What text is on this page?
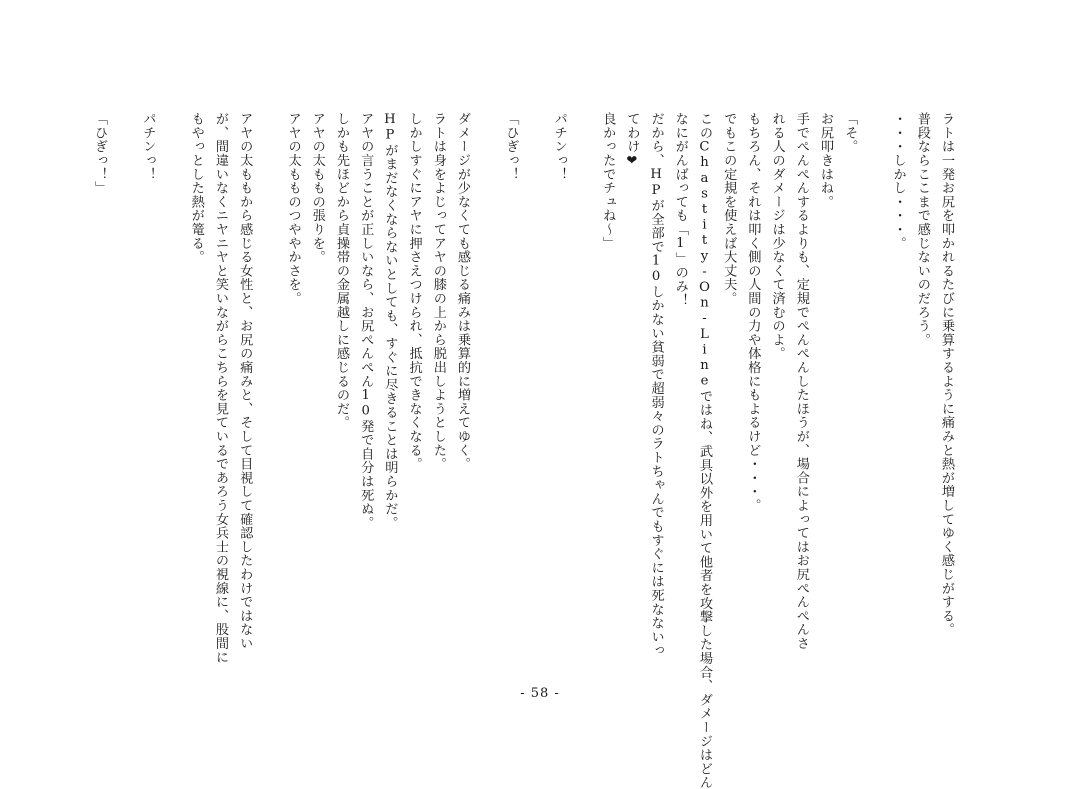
ラトは一発お尻を叩かれるたびに乗算するように痛みと熱が増してゆく感じがする。
普段ならここまで感じないのだろう。
・・・しかし・・・。
「そ。
お尻叩きはね。
手でぺんぺんするよりも、定規でぺんぺんしたほうが、場合によってはお尻ぺんぺんさ
れる人のダメージは少なくて済むのよ。
もちろん、それは叩く側の人間の力や体格にもよるけど・・・。
でもこの定規を使えば大丈夫。
このChastity-On-Lineではね、武具以外を用いて他者を攻撃した場合、ダメージはどん
なにがんばっても「1」のみ！
だから、HPが全部で10しかない貧弱で超弱々のラトちゃんでもすぐには死なないっ
てわけ❤
良かったでチュね～」
パチンっ！
「ひぎっ！
ダメージが少なくても感じる痛みは乗算的に増えてゆく。
ラトは身をよじってアヤの膝の上から脱出しようとした。
しかしすぐにアヤに押さえつけられ、抵抗できなくなる。
HPがまだなくならないとしても、すぐに尽きることは明らかだ。
アヤの言うことが正しいなら、お尻ぺんぺん10発で自分は死ぬ。
しかも先ほどから貞操帯の金属越しに感じるのだ。
アヤの太ももの張りを。
アヤの太もものつややかさを。
アヤの太ももから感じる女性と、お尻の痛みと、そして目視して確認したわけではない
が、間違いなくニヤニヤと笑いながらこちらを見ているであろう女兵士の視線に、股間に
もやっとした熱が篭る。
パチンっ！
「ひぎっ！」
- 58 -
